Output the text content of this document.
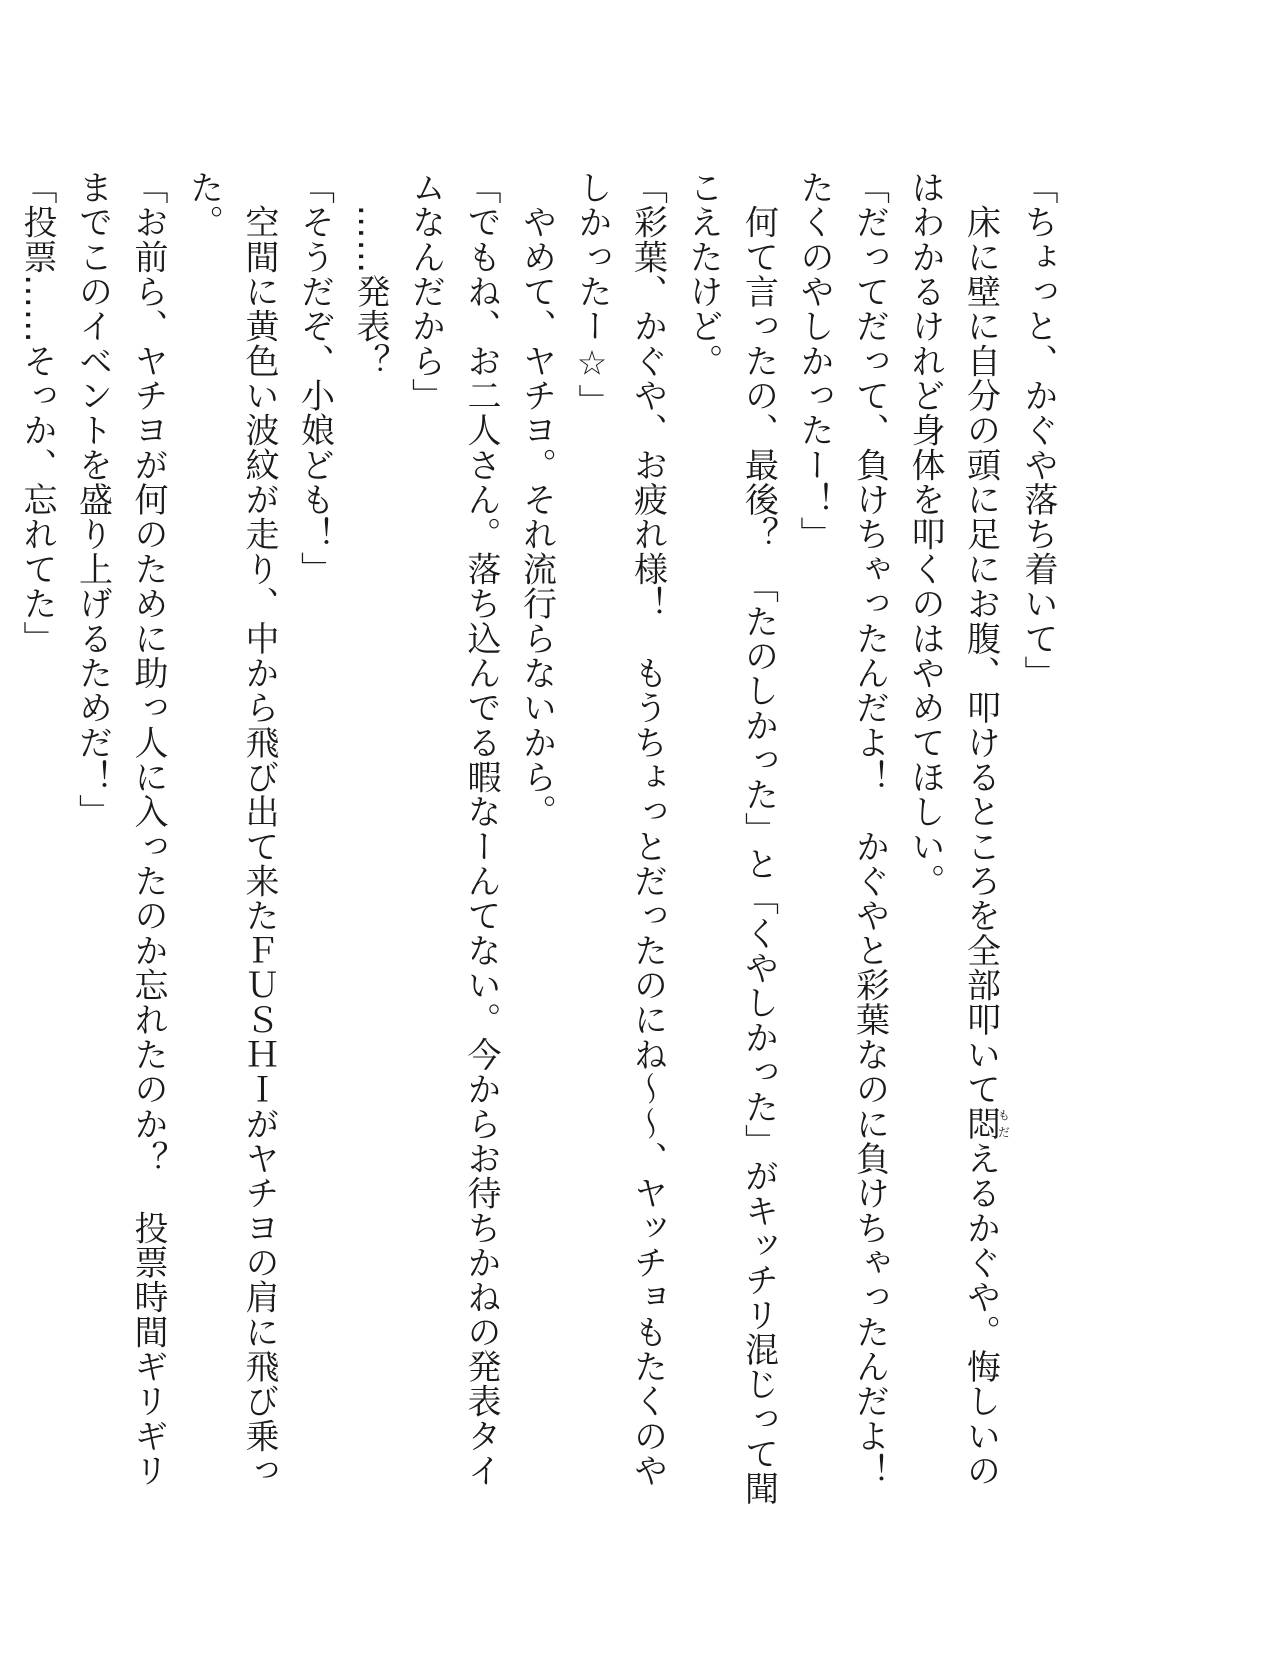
「ちょっと、かぐや落ち着いて」

　床に壁に自分の頭に足にお腹、叩けるところを全部叩いて悶もだえるかぐや。悔しいのはわかるけれど身体を叩くのはやめてほしい。

「だってだって、負けちゃったんだよ！　かぐやと彩葉なのに負けちゃったんだよ！　たくのやしかったー！」

　何て言ったの、最後？　「たのしかった」と「くやしかった」がキッチリ混じって聞こえたけど。

「彩葉、かぐや、お疲れ様！　もうちょっとだったのにね〜〜、ヤッチョもたくのやしかったー☆」

　やめて、ヤチヨ。それ流行らないから。

「でもね、お二人さん。落ち込んでる暇なーんてない。今からお待ちかねの発表タイムなんだから」

　……発表？

「そうだぞ、小娘ども！」

　空間に黄色い波紋が走り、中から飛び出て来たＦＵＳＨＩがヤチヨの肩に飛び乗った。

「お前ら、ヤチヨが何のために助っ人に入ったのか忘れたのか？　投票時間ギリギリまでこのイベントを盛り上げるためだ！」

「投票……そっか、忘れてた」
